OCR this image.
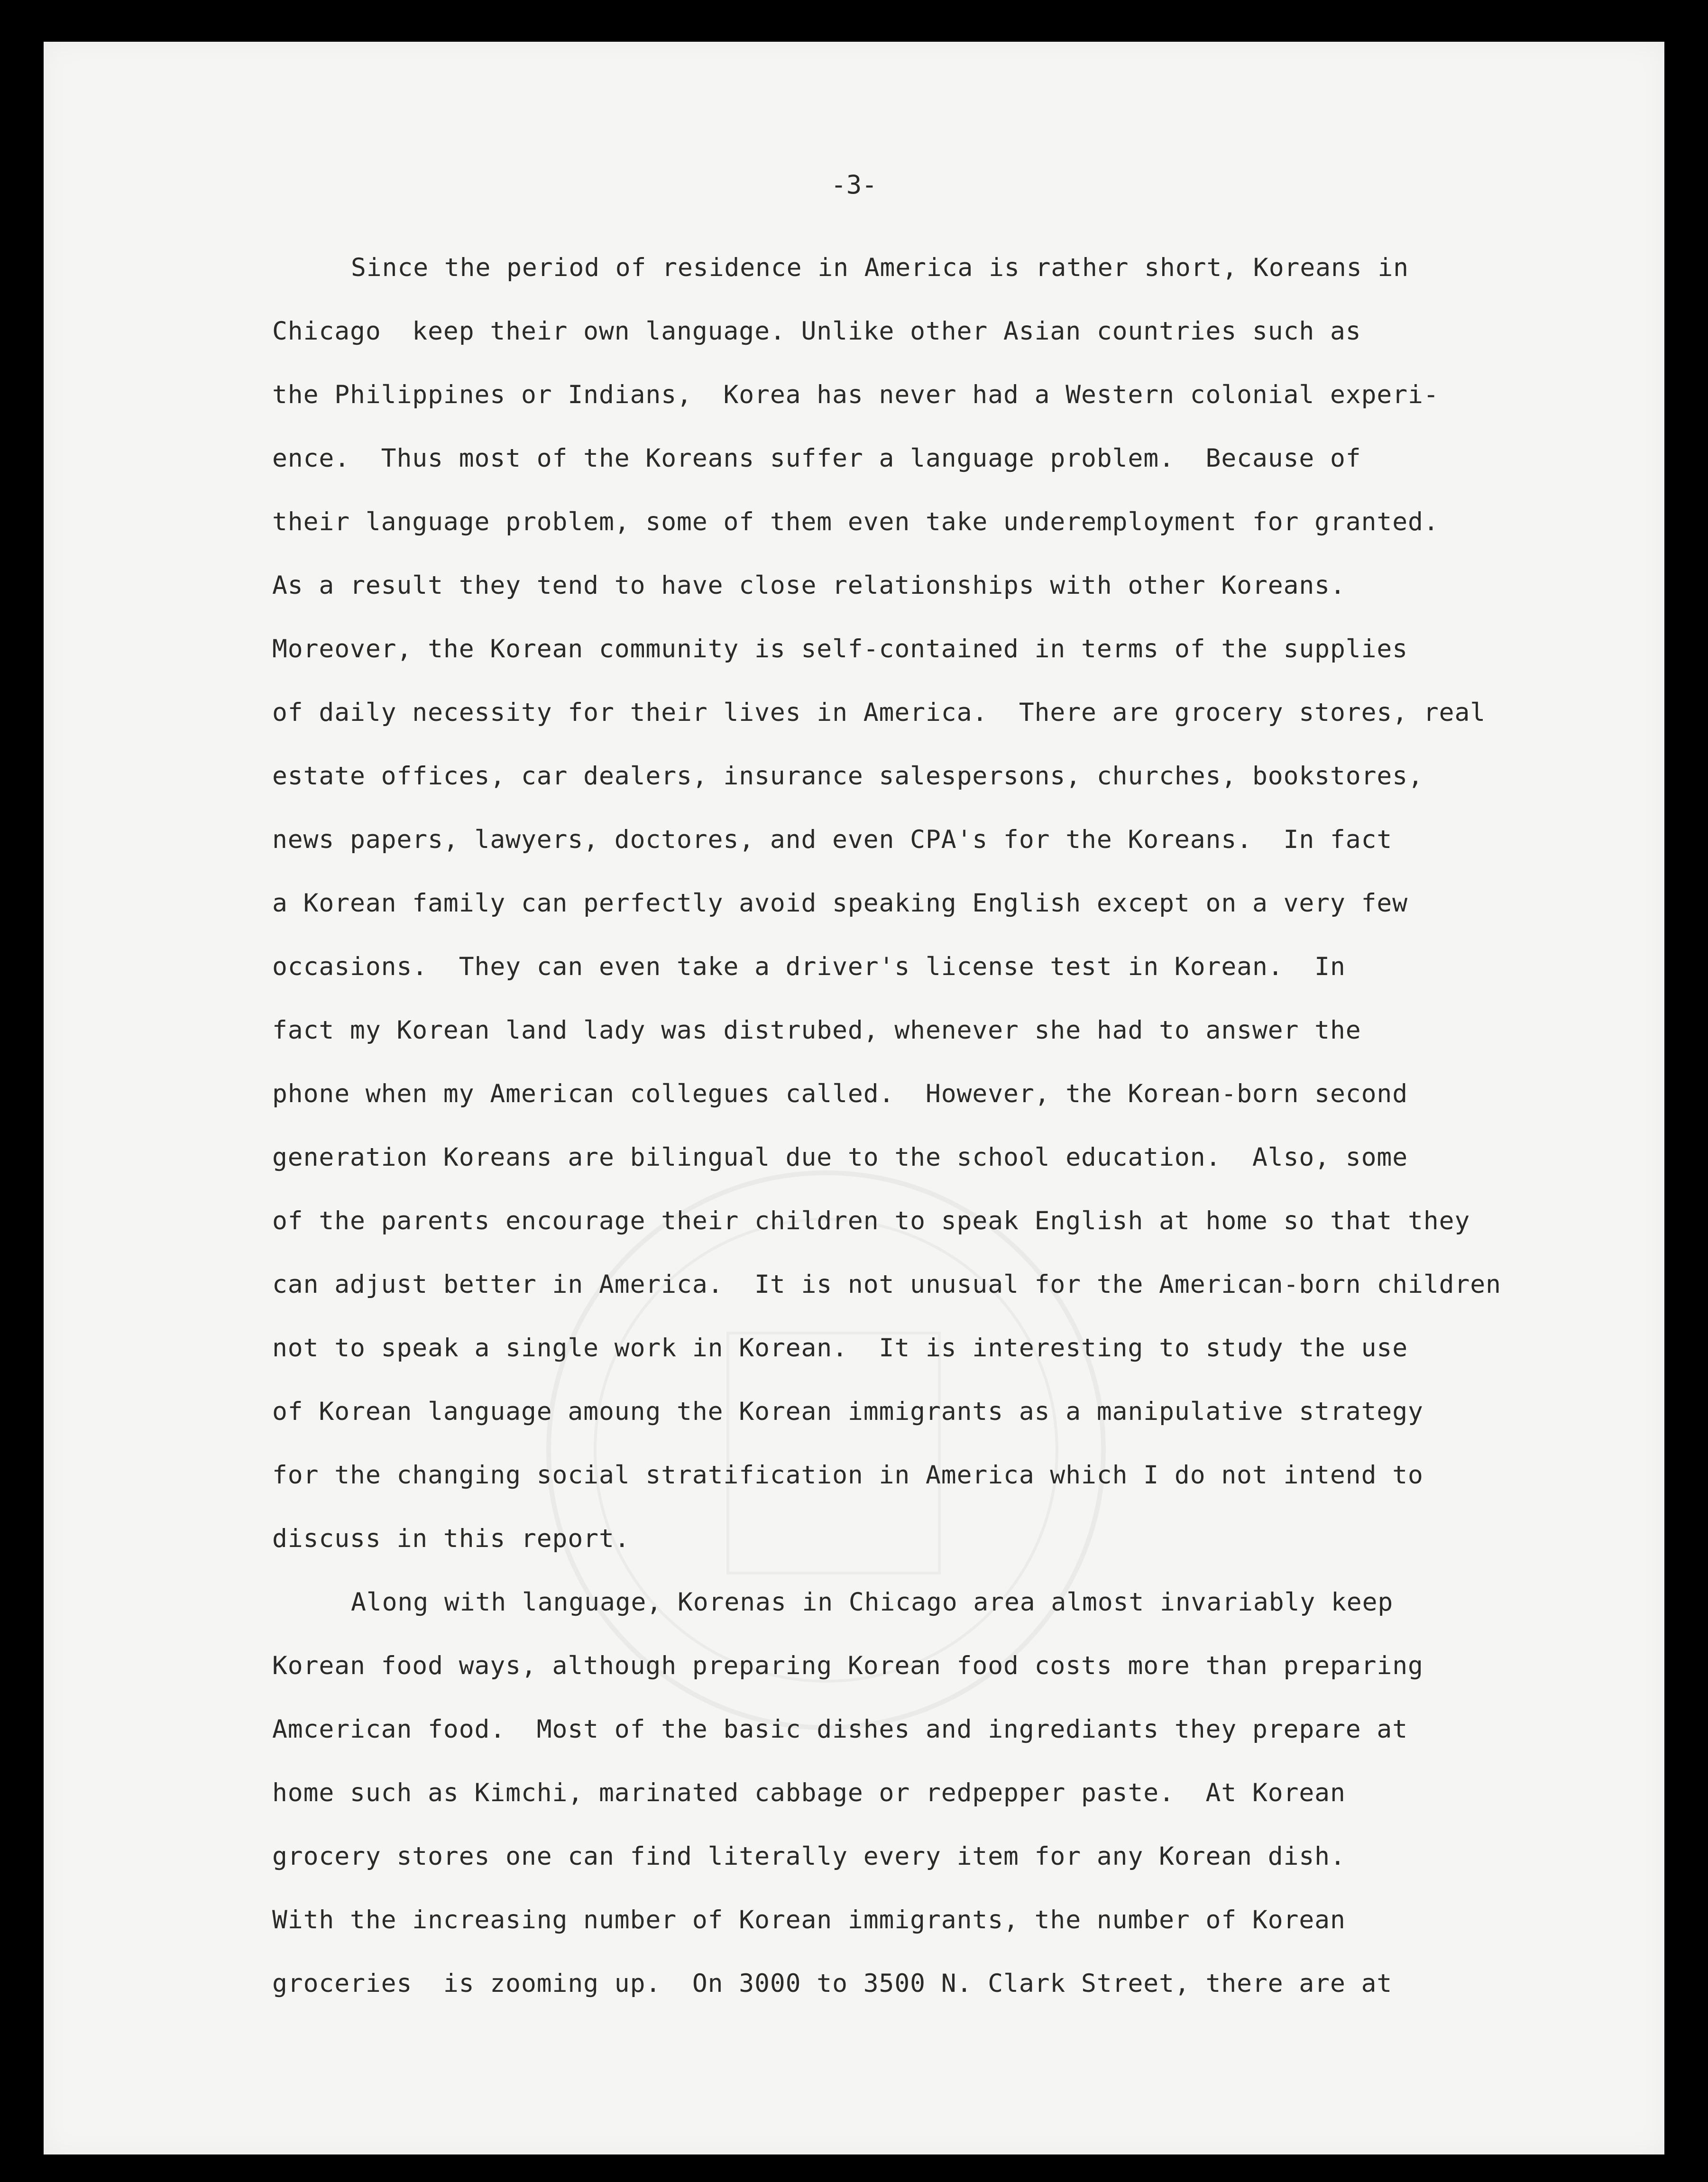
-3-
Since the period of residence in America is rather short, Koreans in
Chicago  keep their own language. Unlike other Asian countries such as
the Philippines or Indians,  Korea has never had a Western colonial experi-
ence.  Thus most of the Koreans suffer a language problem.  Because of
their language problem, some of them even take underemployment for granted.
As a result they tend to have close relationships with other Koreans.
Moreover, the Korean community is self-contained in terms of the supplies
of daily necessity for their lives in America.  There are grocery stores, real
estate offices, car dealers, insurance salespersons, churches, bookstores,
news papers, lawyers, doctores, and even CPA's for the Koreans.  In fact
a Korean family can perfectly avoid speaking English except on a very few
occasions.  They can even take a driver's license test in Korean.  In
fact my Korean land lady was distrubed, whenever she had to answer the
phone when my American collegues called.  However, the Korean-born second
generation Koreans are bilingual due to the school education.  Also, some
of the parents encourage their children to speak English at home so that they
can adjust better in America.  It is not unusual for the American-born children
not to speak a single work in Korean.  It is interesting to study the use
of Korean language amoung the Korean immigrants as a manipulative strategy
for the changing social stratification in America which I do not intend to
discuss in this report.
Along with language, Korenas in Chicago area almost invariably keep
Korean food ways, although preparing Korean food costs more than preparing
Amcerican food.  Most of the basic dishes and ingrediants they prepare at
home such as Kimchi, marinated cabbage or redpepper paste.  At Korean
grocery stores one can find literally every item for any Korean dish.
With the increasing number of Korean immigrants, the number of Korean
groceries  is zooming up.  On 3000 to 3500 N. Clark Street, there are at
